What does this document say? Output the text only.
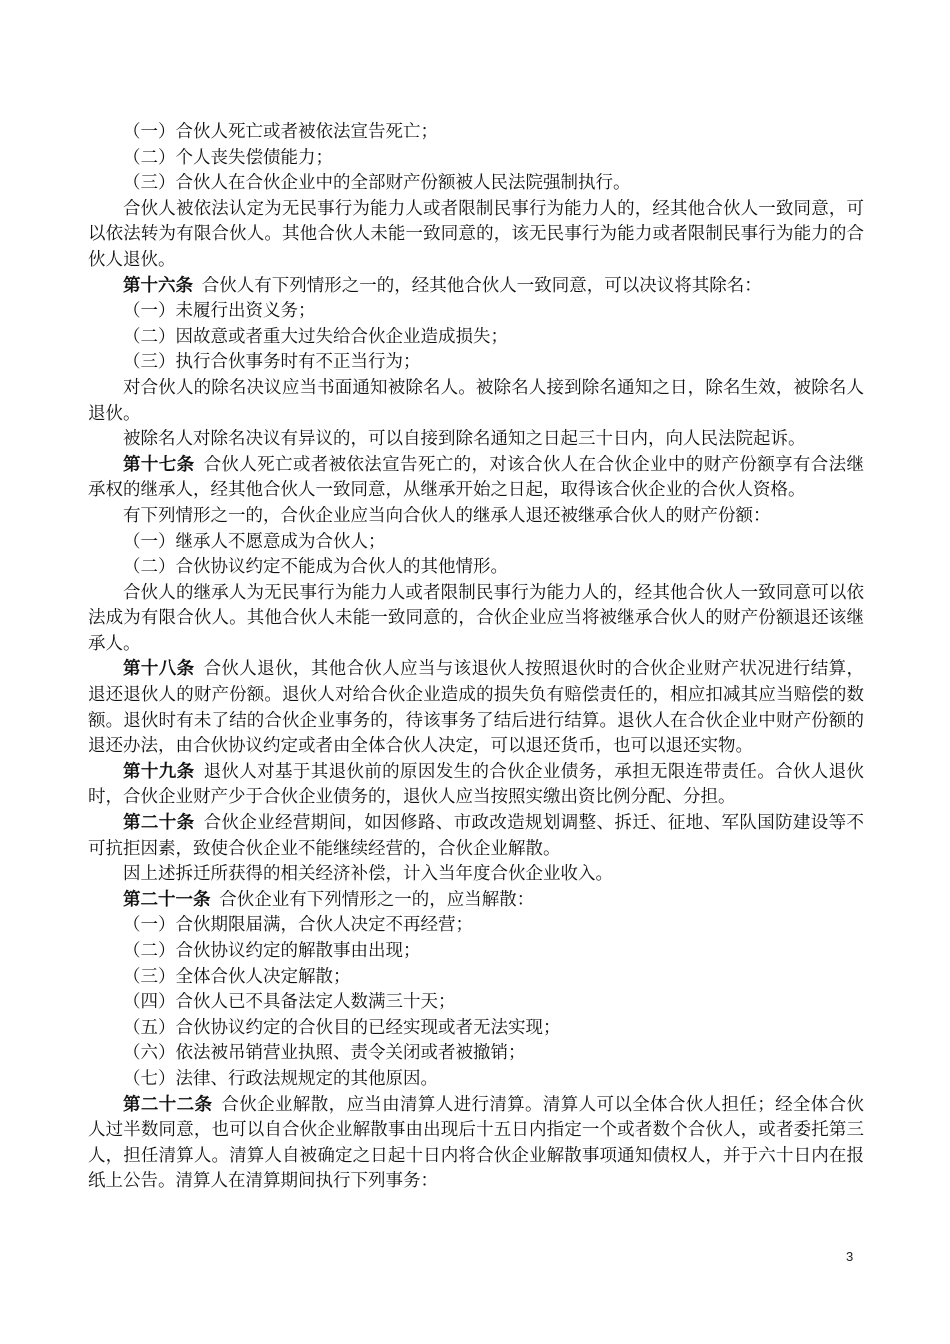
（一）合伙人死亡或者被依法宣告死亡；

（二）个人丧失偿债能力；

（三）合伙人在合伙企业中的全部财产份额被人民法院强制执行。

合伙人被依法认定为无民事行为能力人或者限制民事行为能力人的，经其他合伙人一致同意，可以依法转为有限合伙人。其他合伙人未能一致同意的，该无民事行为能力或者限制民事行为能力的合伙人退伙。

第十六条  合伙人有下列情形之一的，经其他合伙人一致同意，可以决议将其除名：

（一）未履行出资义务；

（二）因故意或者重大过失给合伙企业造成损失；

（三）执行合伙事务时有不正当行为；

对合伙人的除名决议应当书面通知被除名人。被除名人接到除名通知之日，除名生效，被除名人退伙。

被除名人对除名决议有异议的，可以自接到除名通知之日起三十日内，向人民法院起诉。

第十七条  合伙人死亡或者被依法宣告死亡的，对该合伙人在合伙企业中的财产份额享有合法继承权的继承人，经其他合伙人一致同意，从继承开始之日起，取得该合伙企业的合伙人资格。

有下列情形之一的，合伙企业应当向合伙人的继承人退还被继承合伙人的财产份额：

（一）继承人不愿意成为合伙人；

（二）合伙协议约定不能成为合伙人的其他情形。

合伙人的继承人为无民事行为能力人或者限制民事行为能力人的，经其他合伙人一致同意可以依法成为有限合伙人。其他合伙人未能一致同意的，合伙企业应当将被继承合伙人的财产份额退还该继承人。

第十八条  合伙人退伙，其他合伙人应当与该退伙人按照退伙时的合伙企业财产状况进行结算，退还退伙人的财产份额。退伙人对给合伙企业造成的损失负有赔偿责任的，相应扣减其应当赔偿的数额。退伙时有未了结的合伙企业事务的，待该事务了结后进行结算。退伙人在合伙企业中财产份额的退还办法，由合伙协议约定或者由全体合伙人决定，可以退还货币，也可以退还实物。

第十九条  退伙人对基于其退伙前的原因发生的合伙企业债务，承担无限连带责任。合伙人退伙时，合伙企业财产少于合伙企业债务的，退伙人应当按照实缴出资比例分配、分担。

第二十条  合伙企业经营期间，如因修路、市政改造规划调整、拆迁、征地、军队国防建设等不可抗拒因素，致使合伙企业不能继续经营的，合伙企业解散。

因上述拆迁所获得的相关经济补偿，计入当年度合伙企业收入。

第二十一条  合伙企业有下列情形之一的，应当解散：

（一）合伙期限届满，合伙人决定不再经营；

（二）合伙协议约定的解散事由出现；

（三）全体合伙人决定解散；

（四）合伙人已不具备法定人数满三十天；

（五）合伙协议约定的合伙目的已经实现或者无法实现；

（六）依法被吊销营业执照、责令关闭或者被撤销；

（七）法律、行政法规规定的其他原因。

第二十二条  合伙企业解散，应当由清算人进行清算。清算人可以全体合伙人担任；经全体合伙人过半数同意，也可以自合伙企业解散事由出现后十五日内指定一个或者数个合伙人，或者委托第三人，担任清算人。清算人自被确定之日起十日内将合伙企业解散事项通知债权人，并于六十日内在报纸上公告。清算人在清算期间执行下列事务：

3
